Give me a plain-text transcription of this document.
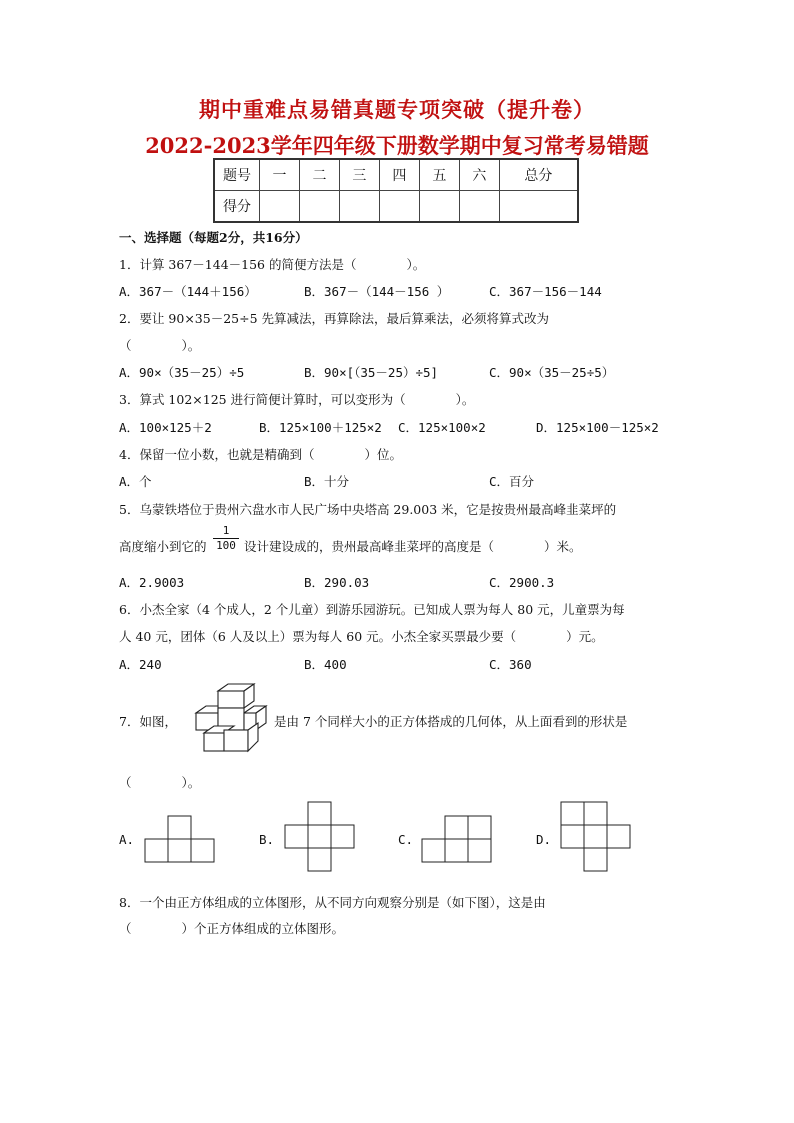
期中重难点易错真题专项突破（提升卷）
2022-2023学年四年级下册数学期中复习常考易错题
题号	一	二	三	四	五	六	总分
得分							
一、选择题（每题2分，共16分）
1．计算 367－144－156 的简便方法是（　　　　）。
A．367－（144＋156）	B．367－（144－156 ）	C．367－156－144
2．要让 90×35－25÷5 先算减法，再算除法，最后算乘法，必须将算式改为
（　　　　）。
A．90×（35－25）÷5	B．90×[（35－25）÷5]	C．90×（35－25÷5）
3．算式 102×125 进行简便计算时，可以变形为（　　　　）。
A．100×125＋2	B．125×100＋125×2 C．125×100×2	D．125×100－125×2
4．保留一位小数，也就是精确到（　　　　）位。
A．个	B．十分	C．百分
5．乌蒙铁塔位于贵州六盘水市人民广场中央塔高 29.003 米，它是按贵州最高峰韭菜坪的
高度缩小到它的 $\frac{1}{100}$ 设计建设成的，贵州最高峰韭菜坪的高度是（　　　　）米。
A．2.9003	B．290.03	C．2900.3
6．小杰全家（4 个成人，2 个儿童）到游乐园游玩。已知成人票为每人 80 元，儿童票为每
人 40 元，团体（6 人及以上）票为每人 60 元。小杰全家买票最少要（　　　　）元。
A．240	B．400	C．360
7．如图，	是由 7 个同样大小的正方体搭成的几何体，从上面看到的形状是
（　　　　）。
A.	B.	C.	D.
8．一个由正方体组成的立体图形，从不同方向观察分别是（如下图），这是由
（　　　　）个正方体组成的立体图形。
